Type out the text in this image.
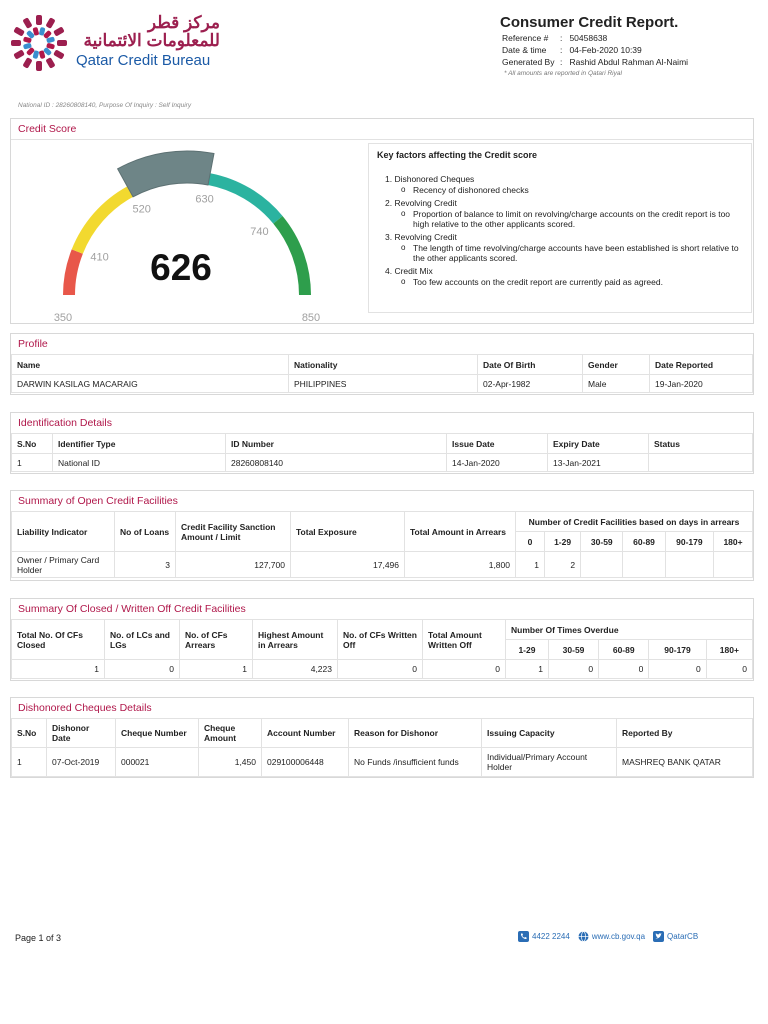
مركز قطر للمعلومات الائتمانية
Qatar Credit Bureau
Consumer Credit Report.
Reference # :   50458638
Date & time :   04-Feb-2020 10:39
Generated By :   Rashid Abdul Rahman Al-Naimi
* All amounts are reported in Qatari Riyal
National ID : 28260808140, Purpose Of Inquiry : Self Inquiry
Credit Score
350
410
520
630
740
850
626
Key factors affecting the Credit score
1. Dishonored Cheques
o Recency of dishonored checks
2. Revolving Credit
o Proportion of balance to limit on revolving/charge accounts on the credit report is too high relative to the other applicants scored.
3. Revolving Credit
o The length of time revolving/charge accounts have been established is short relative to the other applicants scored.
4. Credit Mix
o Too few accounts on the credit report are currently paid as agreed.
Profile
Name	Nationality	Date Of Birth	Gender	Date Reported
DARWIN KASILAG MACARAIG	PHILIPPINES	02-Apr-1982	Male	19-Jan-2020
Identification Details
S.No	Identifier Type	ID Number	Issue Date	Expiry Date	Status
1	National ID	28260808140	14-Jan-2020	13-Jan-2021	
Summary of Open Credit Facilities
Liability Indicator	No of Loans	Credit Facility Sanction Amount / Limit	Total Exposure	Total Amount in Arrears	Number of Credit Facilities based on days in arrears					
					0	1-29	30-59	60-89	90-179	180+
Owner / Primary Card Holder	3	127,700	17,496	1,800	1	2				
Summary Of Closed / Written Off Credit Facilities
Total No. Of CFs Closed	No. of LCs and LGs	No. of CFs Arrears	Highest Amount in Arrears	No. of CFs Written Off	Total Amount Written Off	Number Of Times Overdue				
						1-29	30-59	60-89	90-179	180+
1	0	1	4,223	0	0	1	0	0	0	0
Dishonored Cheques Details
S.No	Dishonor Date	Cheque Number	Cheque Amount	Account Number	Reason for Dishonor	Issuing Capacity	Reported By
1	07-Oct-2019	000021	1,450	029100006448	No Funds /insufficient funds	Individual/Primary Account Holder	MASHREQ BANK QATAR
Page 1 of 3	4422 2244	www.cb.gov.qa	QatarCB
